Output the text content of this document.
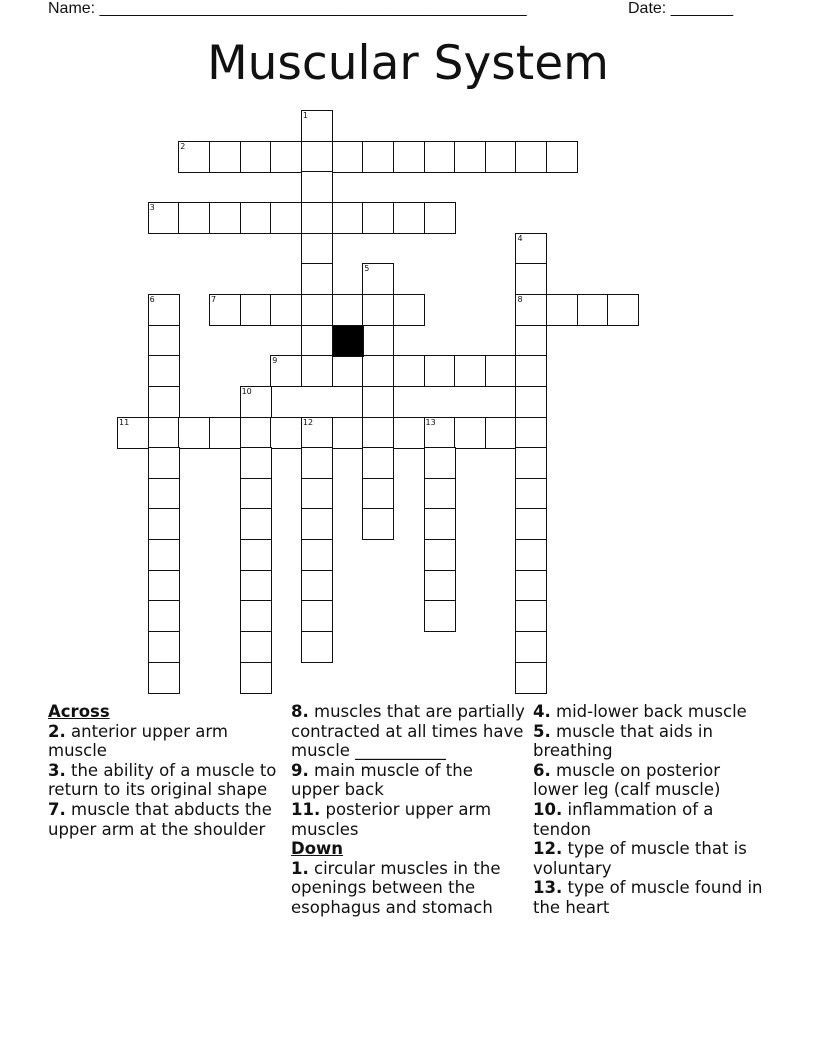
Name: ________________________________________________	Date: _______
Muscular System
1
2
3
4
5
6	7	8
9
10
11	12	13
Across
2. anterior upper arm muscle
3. the ability of a muscle to return to its original shape
7. muscle that abducts the upper arm at the shoulder
8. muscles that are partially contracted at all times have muscle ___________
9. main muscle of the upper back
11. posterior upper arm muscles
Down
1. circular muscles in the openings between the esophagus and stomach
4. mid-lower back muscle
5. muscle that aids in breathing
6. muscle on posterior lower leg (calf muscle)
10. inflammation of a tendon
12. type of muscle that is voluntary
13. type of muscle found in the heart
